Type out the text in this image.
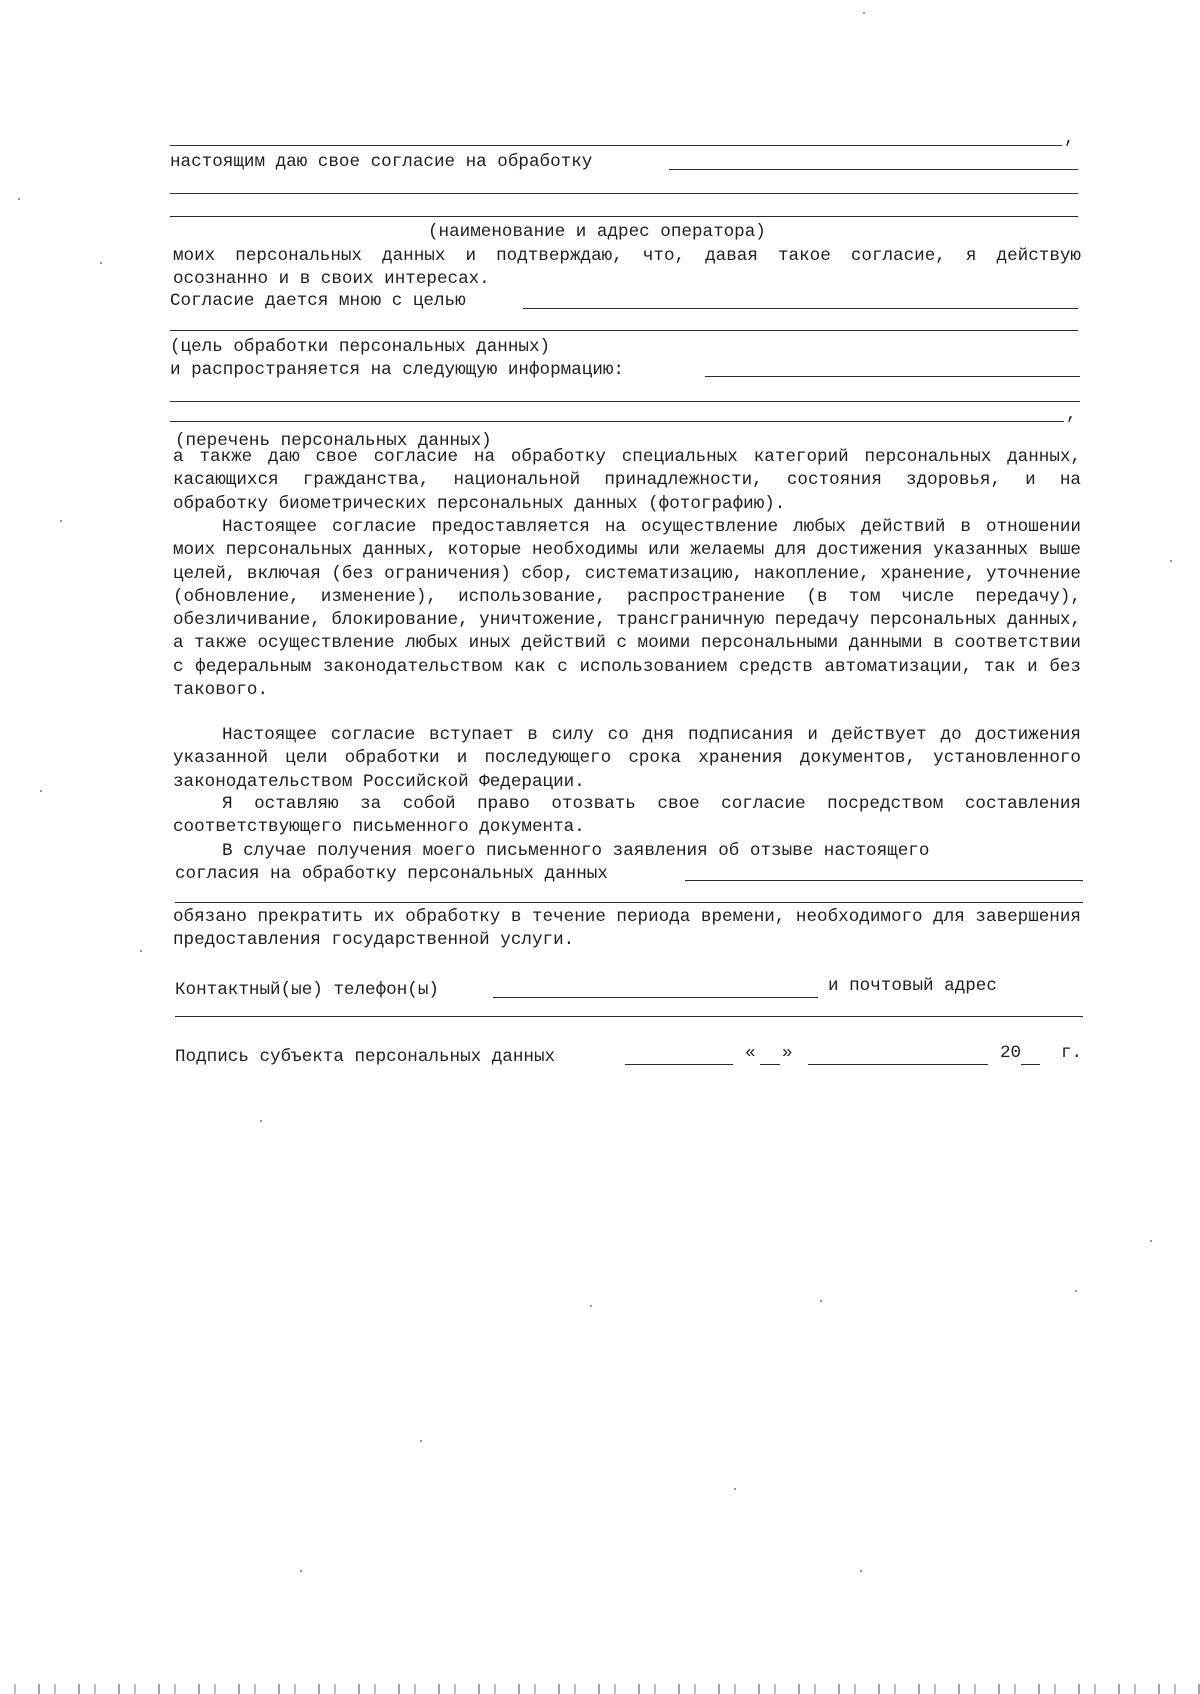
,
настоящим даю свое согласие на обработку
(наименование и адрес оператора)
моих персональных данных и подтверждаю, что, давая такое согласие, я действую осознанно и в своих интересах.
Согласие дается мною с целью
(цель обработки персональных данных)
и распространяется на следующую информацию:
,
(перечень персональных данных)
а также даю свое согласие на обработку специальных категорий персональных данных, касающихся гражданства, национальной принадлежности, состояния здоровья, и на обработку биометрических персональных данных (фотографию).
Настоящее согласие предоставляется на осуществление любых действий в отношении моих персональных данных, которые необходимы или желаемы для достижения указанных выше целей, включая (без ограничения) сбор, систематизацию, накопление, хранение, уточнение (обновление, изменение), использование, распространение (в том числе передачу), обезличивание, блокирование, уничтожение, трансграничную передачу персональных данных, а также осуществление любых иных действий с моими персональными данными в соответствии с федеральным законодательством как с использованием средств автоматизации, так и без такового.
Настоящее согласие вступает в силу со дня подписания и действует до достижения указанной цели обработки и последующего срока хранения документов, установленного законодательством Российской Федерации.
Я оставляю за собой право отозвать свое согласие посредством составления соответствующего письменного документа.
В случае получения моего письменного заявления об отзыве настоящего
согласия на обработку персональных данных
обязано прекратить их обработку в течение периода времени, необходимого для завершения предоставления государственной услуги.
Контактный(ые) телефон(ы)	и почтовый адрес
Подпись субъекта персональных данных	« »	20 г.
